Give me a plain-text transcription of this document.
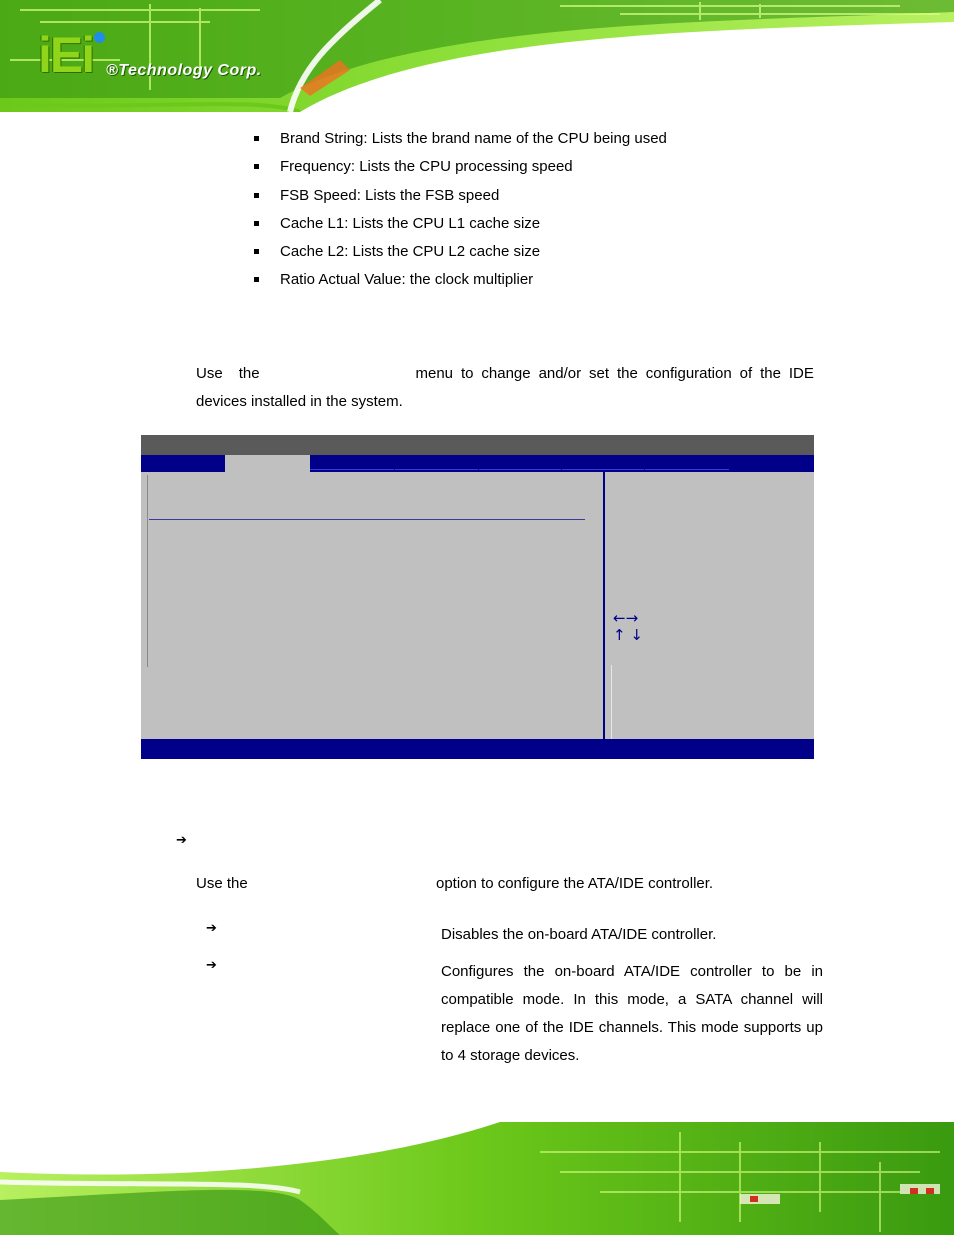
iEi ®Technology Corp.
Brand String: Lists the brand name of the CPU being used
Frequency: Lists the CPU processing speed
FSB Speed: Lists the FSB speed
Cache L1: Lists the CPU L1 cache size
Cache L2: Lists the CPU L2 cache size
Ratio Actual Value: the clock multiplier
Use the	menu to change and/or set the configuration of the IDE
devices installed in the system.
←→
↑ ↓
➔
Use the	option to configure the ATA/IDE controller.
➔	Disables the on-board ATA/IDE controller.
➔	Configures the on-board ATA/IDE controller to be in compatible mode. In this mode, a SATA channel will replace one of the IDE channels. This mode supports up to 4 storage devices.
